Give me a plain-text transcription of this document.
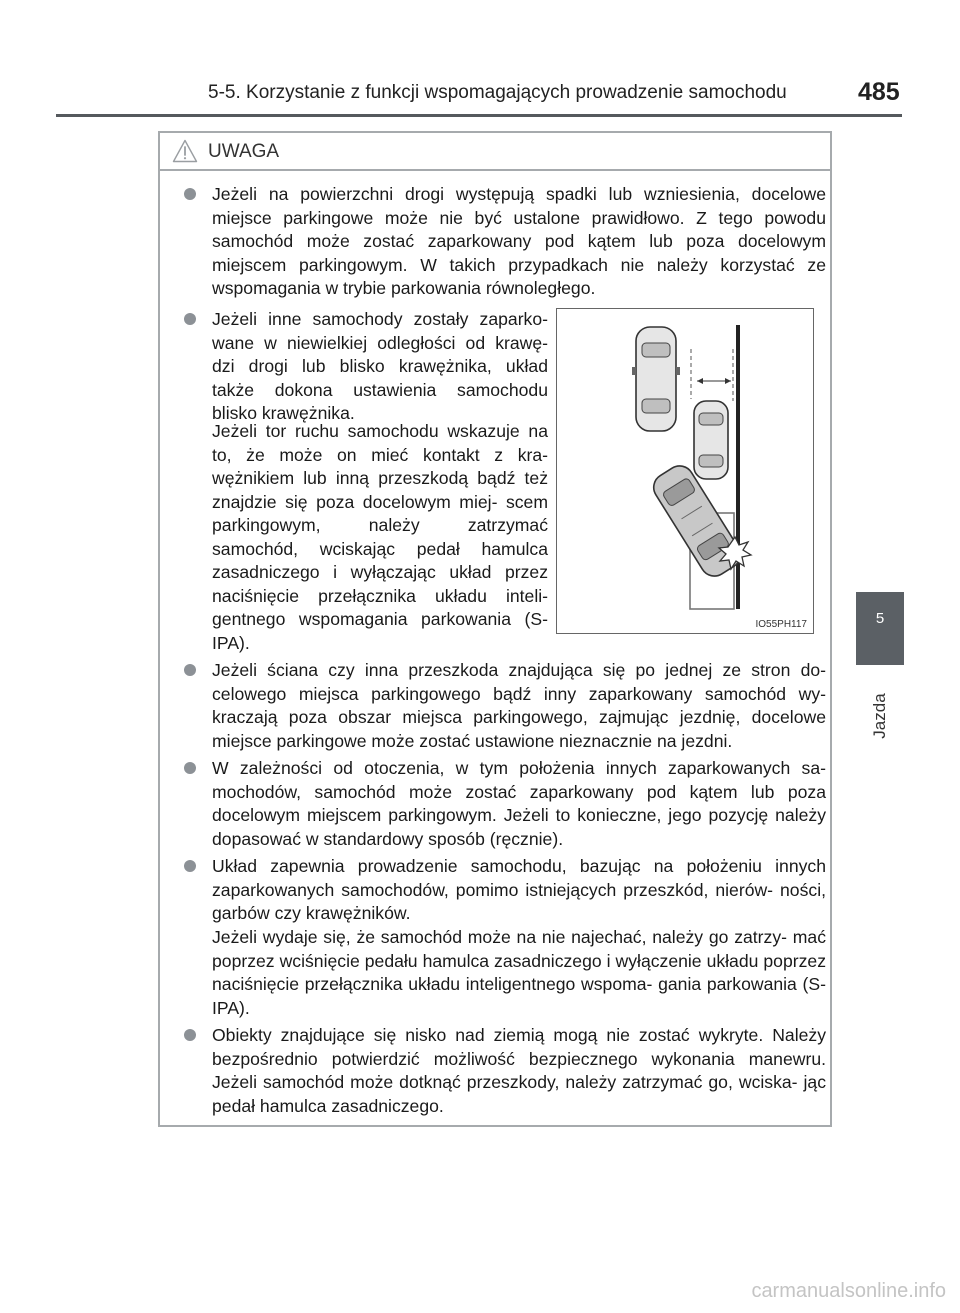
5-5. Korzystanie z funkcji wspomagających prowadzenie samochodu	485
5
Jazda
UWAGA

Jeżeli na powierzchni drogi występują spadki lub wzniesienia, docelowe miejsce parkingowe może nie być ustalone prawidłowo. Z tego powodu samochód może zostać zaparkowany pod kątem lub poza docelowym miejscem parkingowym. W takich przypadkach nie należy korzystać ze wspomagania w trybie parkowania równoległego.

Jeżeli inne samochody zostały zaparko- wane w niewielkiej odległości od krawę- dzi drogi lub blisko krawężnika, układ także dokona ustawienia samochodu blisko krawężnika.

Jeżeli tor ruchu samochodu wskazuje na to, że może on mieć kontakt z kra- wężnikiem lub inną przeszkodą bądź też znajdzie się poza docelowym miej- scem parkingowym, należy zatrzymać samochód, wciskając pedał hamulca zasadniczego i wyłączając układ przez naciśnięcie przełącznika układu inteli- gentnego wspomagania parkowania (S-IPA).

Jeżeli ściana czy inna przeszkoda znajdująca się po jednej ze stron do- celowego miejsca parkingowego bądź inny zaparkowany samochód wy- kraczają poza obszar miejsca parkingowego, zajmując jezdnię, docelowe miejsce parkingowe może zostać ustawione nieznacznie na jezdni.

W zależności od otoczenia, w tym położenia innych zaparkowanych sa- mochodów, samochód może zostać zaparkowany pod kątem lub poza docelowym miejscem parkingowym. Jeżeli to konieczne, jego pozycję należy dopasować w standardowy sposób (ręcznie).

Układ zapewnia prowadzenie samochodu, bazując na położeniu innych zaparkowanych samochodów, pomimo istniejących przeszkód, nierów- ności, garbów czy krawężników.

Jeżeli wydaje się, że samochód może na nie najechać, należy go zatrzy- mać poprzez wciśnięcie pedału hamulca zasadniczego i wyłączenie układu poprzez naciśnięcie przełącznika układu inteligentnego wspoma- gania parkowania (S-IPA).

Obiekty znajdujące się nisko nad ziemią mogą nie zostać wykryte. Należy bezpośrednio potwierdzić możliwość bezpiecznego wykonania manewru. Jeżeli samochód może dotknąć przeszkody, należy zatrzymać go, wciska- jąc pedał hamulca zasadniczego.

IO55PH117
carmanualsonline.info
